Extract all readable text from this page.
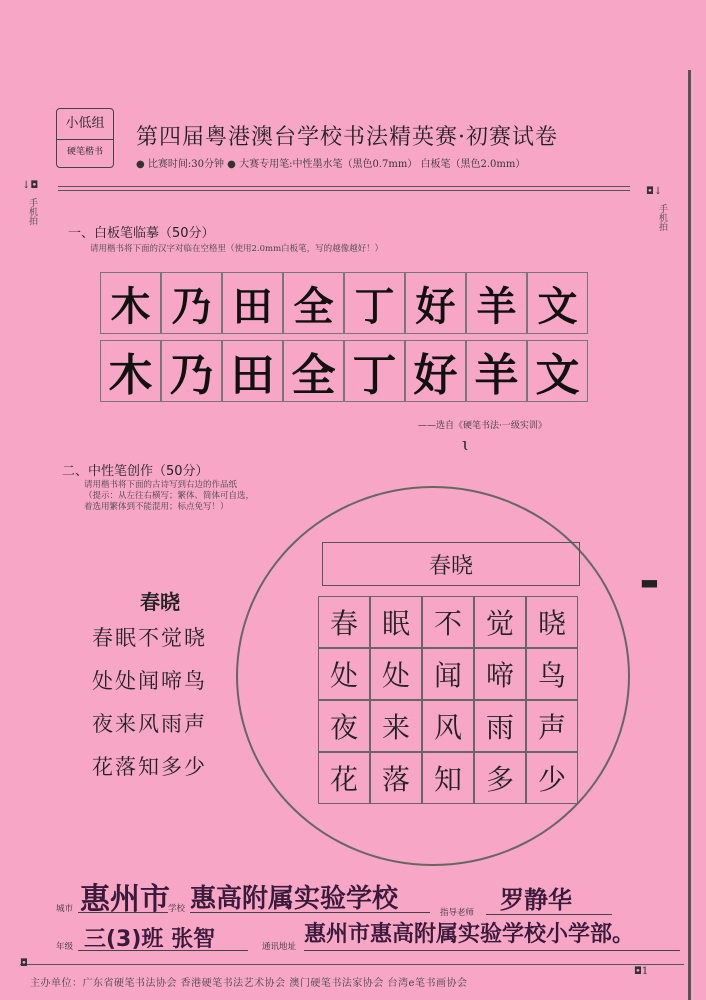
小低组
硬笔楷书
第四届粤港澳台学校书法精英赛·初赛试卷
● 比赛时间:30分钟 ● 大赛专用笔:中性墨水笔（黑色0.7mm） 白板笔（黑色2.0mm）
↓◘
手机拍
◘↓
手机拍
一、白板笔临摹（50分）
请用楷书将下面的汉字对临在空格里（使用2.0mm白板笔，写的越像越好！）
木 乃 田 全 丁 好 羊 文
木 乃 田 全 丁 好 羊 文
——选自《硬笔书法·一级实训》
ɩ
二、中性笔创作（50分）
请用楷书将下面的古诗写到右边的作品纸
（提示：从左往右横写；繁体、简体可自选，
着选用繁体到不能混用；标点免写！）
春晓
春眠不觉晓
处处闻啼鸟
夜来风雨声
花落知多少
春晓
春 眠 不 觉 晓
处 处 闻 啼 鸟
夜 来 风 雨 声
花 落 知 多 少
▬
城市 惠州市
学校 惠高附属实验学校	指导老师 罗静华
年级 三(3)班 张智	通讯地址 惠州市惠高附属实验学校小学部。
主办单位：广东省硬笔书法协会 香港硬笔书法艺术协会 澳门硬笔书法家协会 台湾e笔书画协会
◘
◘1
